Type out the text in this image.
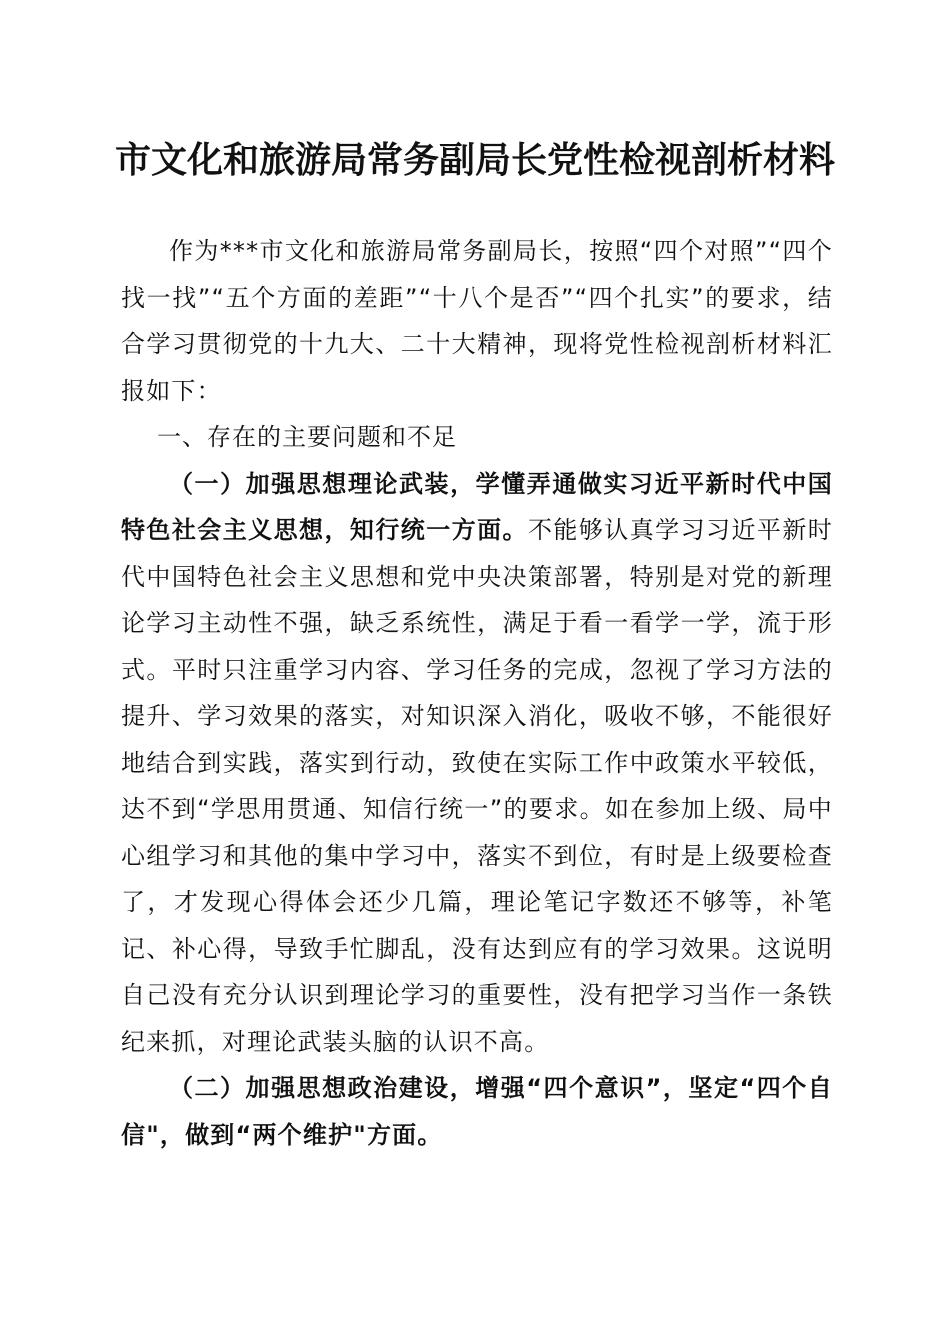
市文化和旅游局常务副局长党性检视剖析材料

作为***市文化和旅游局常务副局长，按照“四个对照”“四个找一找”“五个方面的差距”“十八个是否”“四个扎实”的要求，结合学习贯彻党的十九大、二十大精神，现将党性检视剖析材料汇报如下：

一、存在的主要问题和不足

（一）加强思想理论武装，学懂弄通做实习近平新时代中国特色社会主义思想，知行统一方面。不能够认真学习习近平新时代中国特色社会主义思想和党中央决策部署，特别是对党的新理论学习主动性不强，缺乏系统性，满足于看一看学一学，流于形式。平时只注重学习内容、学习任务的完成，忽视了学习方法的提升、学习效果的落实，对知识深入消化，吸收不够，不能很好地结合到实践，落实到行动，致使在实际工作中政策水平较低，达不到“学思用贯通、知信行统一”的要求。如在参加上级、局中心组学习和其他的集中学习中，落实不到位，有时是上级要检查了，才发现心得体会还少几篇，理论笔记字数还不够等，补笔记、补心得，导致手忙脚乱，没有达到应有的学习效果。这说明自己没有充分认识到理论学习的重要性，没有把学习当作一条铁纪来抓，对理论武装头脑的认识不高。

（二）加强思想政治建设，增强“四个意识”，坚定“四个自信"，做到“两个维护"方面。
